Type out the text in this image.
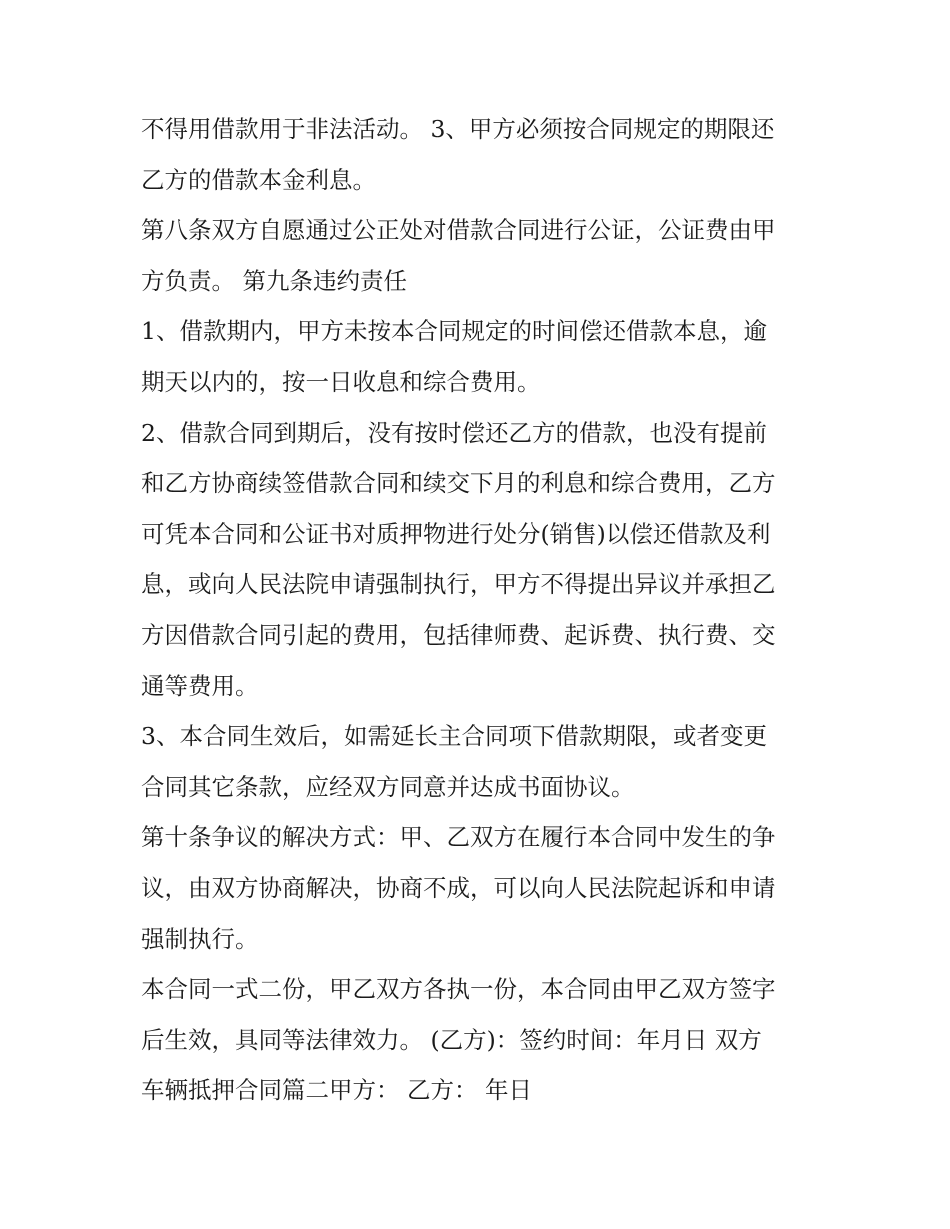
不得用借款用于非法活动。 3、甲方必须按合同规定的期限还
乙方的借款本金利息。
第八条双方自愿通过公正处对借款合同进行公证，公证费由甲
方负责。 第九条违约责任
1、借款期内，甲方未按本合同规定的时间偿还借款本息，逾
期天以内的，按一日收息和综合费用。
2、借款合同到期后，没有按时偿还乙方的借款，也没有提前
和乙方协商续签借款合同和续交下月的利息和综合费用，乙方
可凭本合同和公证书对质押物进行处分(销售)以偿还借款及利
息，或向人民法院申请强制执行，甲方不得提出异议并承担乙
方因借款合同引起的费用，包括律师费、起诉费、执行费、交
通等费用。
3、本合同生效后，如需延长主合同项下借款期限，或者变更
合同其它条款，应经双方同意并达成书面协议。
第十条争议的解决方式：甲、乙双方在履行本合同中发生的争
议，由双方协商解决，协商不成，可以向人民法院起诉和申请
强制执行。
本合同一式二份，甲乙双方各执一份，本合同由甲乙双方签字
后生效，具同等法律效力。 (乙方)：签约时间：年月日 双方
车辆抵押合同篇二甲方： 乙方： 年日
